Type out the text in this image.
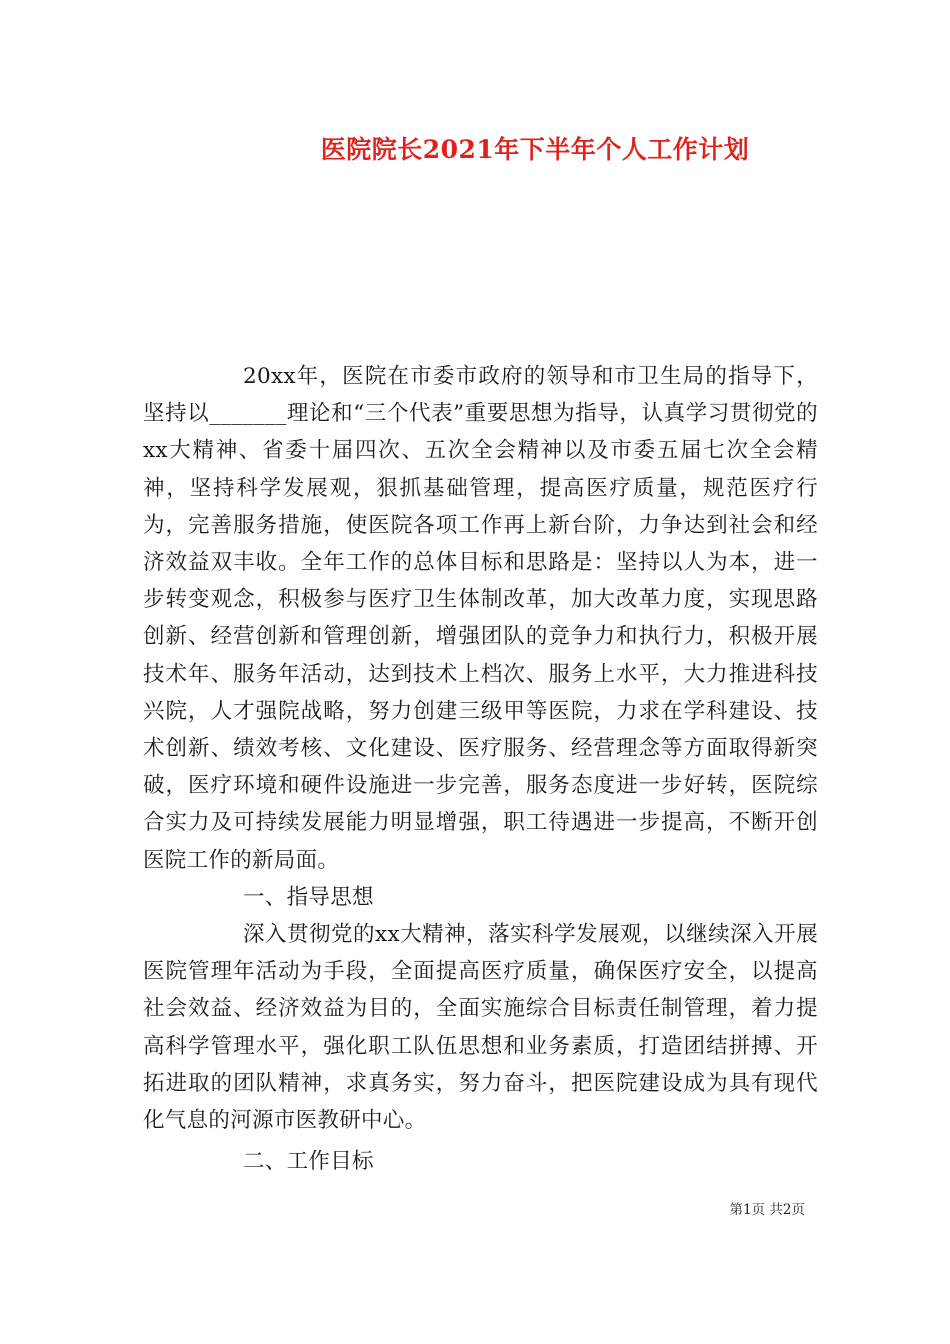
医院院长2021年下半年个人工作计划

20xx年，医院在市委市政府的领导和市卫生局的指导下，坚持以_______理论和“三个代表”重要思想为指导，认真学习贯彻党的xx大精神、省委十届四次、五次全会精神以及市委五届七次全会精神，坚持科学发展观，狠抓基础管理，提高医疗质量，规范医疗行为，完善服务措施，使医院各项工作再上新台阶，力争达到社会和经济效益双丰收。全年工作的总体目标和思路是：坚持以人为本，进一步转变观念，积极参与医疗卫生体制改革，加大改革力度，实现思路创新、经营创新和管理创新，增强团队的竞争力和执行力，积极开展技术年、服务年活动，达到技术上档次、服务上水平，大力推进科技兴院，人才强院战略，努力创建三级甲等医院，力求在学科建设、技术创新、绩效考核、文化建设、医疗服务、经营理念等方面取得新突破，医疗环境和硬件设施进一步完善，服务态度进一步好转，医院综合实力及可持续发展能力明显增强，职工待遇进一步提高，不断开创医院工作的新局面。

一、指导思想

深入贯彻党的xx大精神，落实科学发展观，以继续深入开展医院管理年活动为手段，全面提高医疗质量，确保医疗安全，以提高社会效益、经济效益为目的，全面实施综合目标责任制管理，着力提高科学管理水平，强化职工队伍思想和业务素质，打造团结拼搏、开拓进取的团队精神，求真务实，努力奋斗，把医院建设成为具有现代化气息的河源市医教研中心。

二、工作目标

第1页 共2页
